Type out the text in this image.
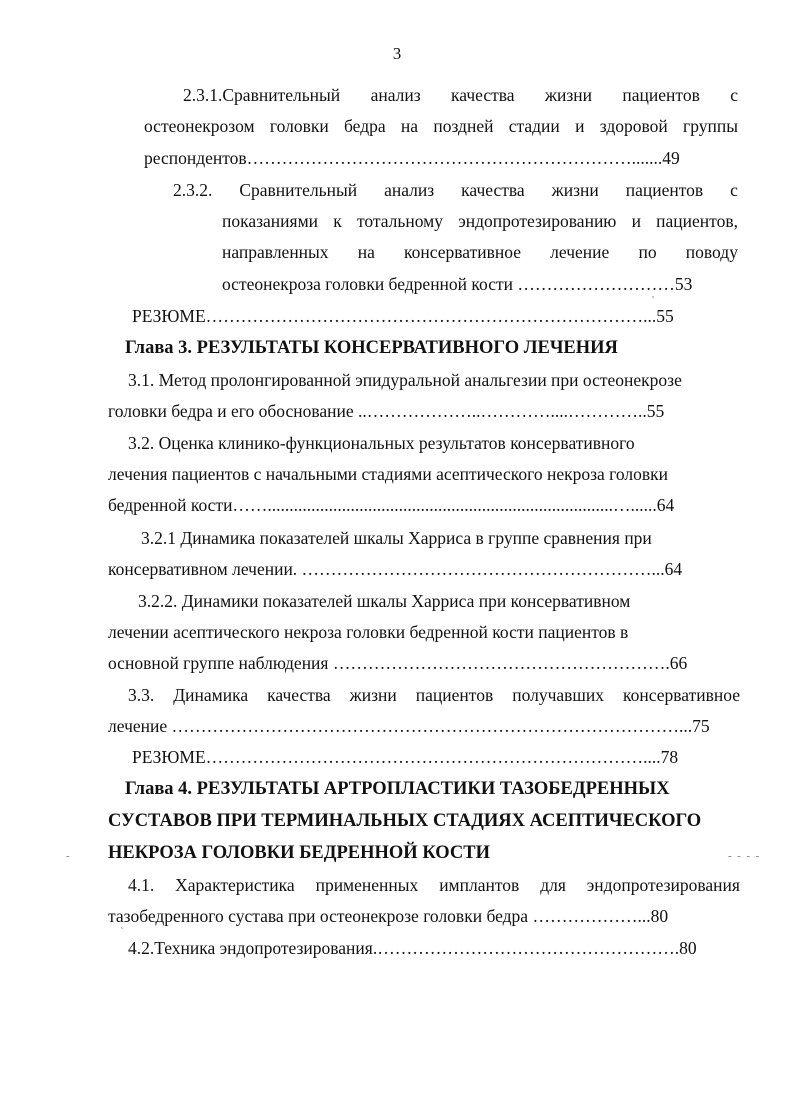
3
2.3.1.Сравнительный анализ качества жизни пациентов с
остеонекрозом головки бедра на поздней стадии и здоровой группы
респондентов………………………………………………………….......49
2.3.2. Сравнительный анализ качества жизни пациентов с
показаниями к тотальному эндопротезированию и пациентов,
направленных на консервативное лечение по поводу
остеонекроза головки бедренной кости ………………………53
РЕЗЮМЕ…………………………………………………………………...55
Глава 3. РЕЗУЛЬТАТЫ КОНСЕРВАТИВНОГО ЛЕЧЕНИЯ
3.1. Метод пролонгированной эпидуральной анальгезии при остеонекрозе
головки бедра и его обоснование ..………………..…………....…………..55
3.2. Оценка клинико-функциональных результатов консервативного
лечения пациентов с начальными стадиями асептического некроза головки
бедренной кости……...............................................................................…......64
3.2.1 Динамика показателей шкалы Харриса в группе сравнения при
консервативном лечении. ……………………………………………………...64
3.2.2. Динамики показателей шкалы Харриса при консервативном
лечении асептического некроза головки бедренной кости пациентов в
основной группе наблюдения ………………………………………………….66
3.3. Динамика качества жизни пациентов получавших консервативное
лечение ……………………………………………………………………………...75
РЕЗЮМЕ…………………………………………………………………....78
Глава 4. РЕЗУЛЬТАТЫ АРТРОПЛАСТИКИ ТАЗОБЕДРЕННЫХ
СУСТАВОВ ПРИ ТЕРМИНАЛЬНЫХ СТАДИЯХ АСЕПТИЧЕСКОГО
НЕКРОЗА ГОЛОВКИ БЕДРЕННОЙ КОСТИ
4.1. Характеристика примененных имплантов для эндопротезирования
тазобедренного сустава при остеонекрозе головки бедра ………………...80
4.2.Техника эндопротезирования.…………………………………………….80
'
-	-  -  -  -
`
